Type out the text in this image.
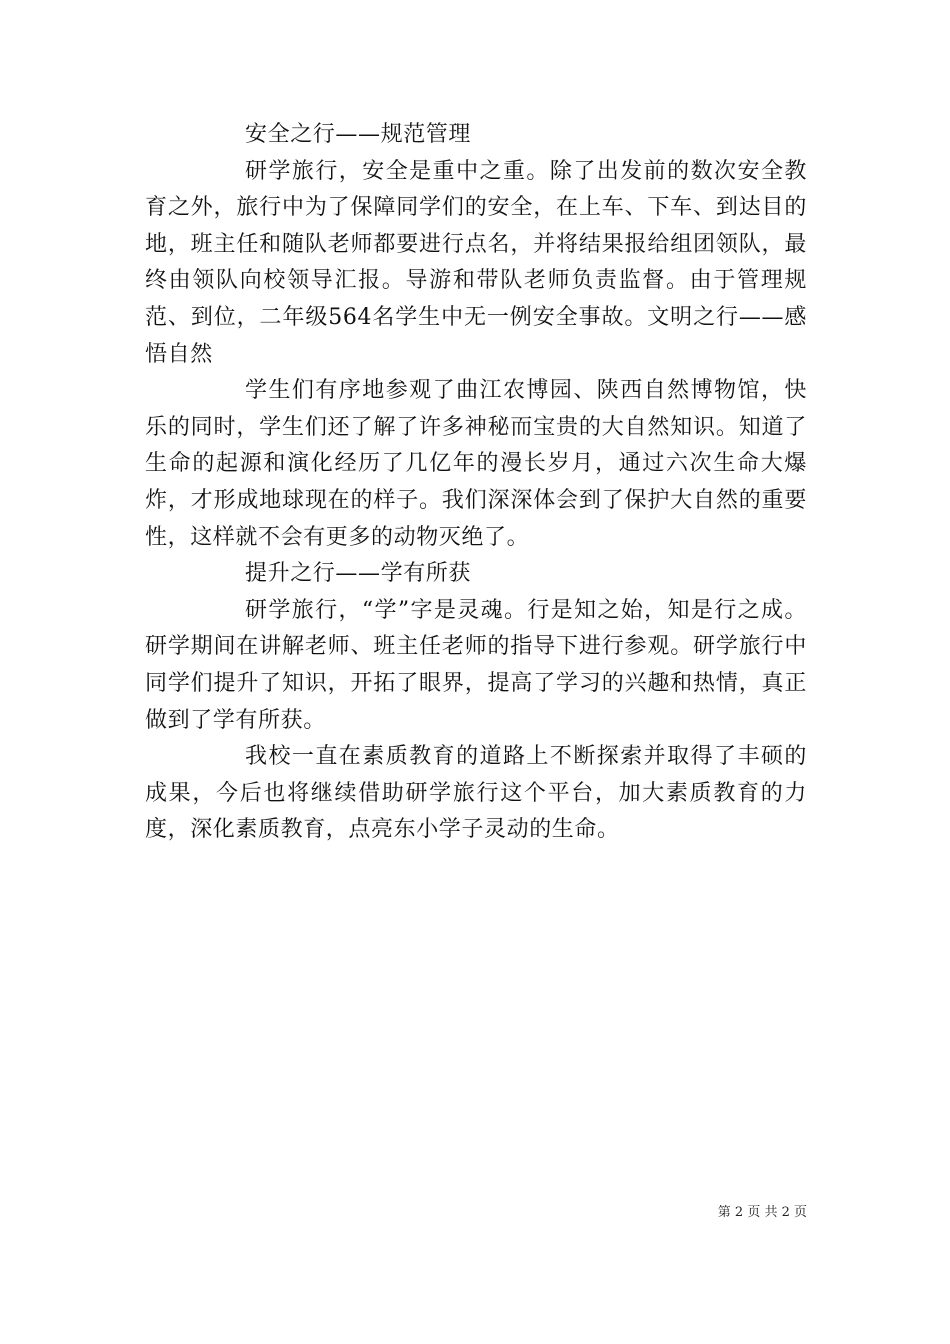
安全之行——规范管理

研学旅行，安全是重中之重。除了出发前的数次安全教育之外，旅行中为了保障同学们的安全，在上车、下车、到达目的地，班主任和随队老师都要进行点名，并将结果报给组团领队，最终由领队向校领导汇报。导游和带队老师负责监督。由于管理规范、到位，二年级564名学生中无一例安全事故。文明之行——感悟自然

学生们有序地参观了曲江农博园、陕西自然博物馆，快乐的同时，学生们还了解了许多神秘而宝贵的大自然知识。知道了生命的起源和演化经历了几亿年的漫长岁月，通过六次生命大爆炸，才形成地球现在的样子。我们深深体会到了保护大自然的重要性，这样就不会有更多的动物灭绝了。

提升之行——学有所获

研学旅行，“学”字是灵魂。行是知之始，知是行之成。研学期间在讲解老师、班主任老师的指导下进行参观。研学旅行中同学们提升了知识，开拓了眼界，提高了学习的兴趣和热情，真正做到了学有所获。

我校一直在素质教育的道路上不断探索并取得了丰硕的成果，今后也将继续借助研学旅行这个平台，加大素质教育的力度，深化素质教育，点亮东小学子灵动的生命。

第 2 页 共 2 页
